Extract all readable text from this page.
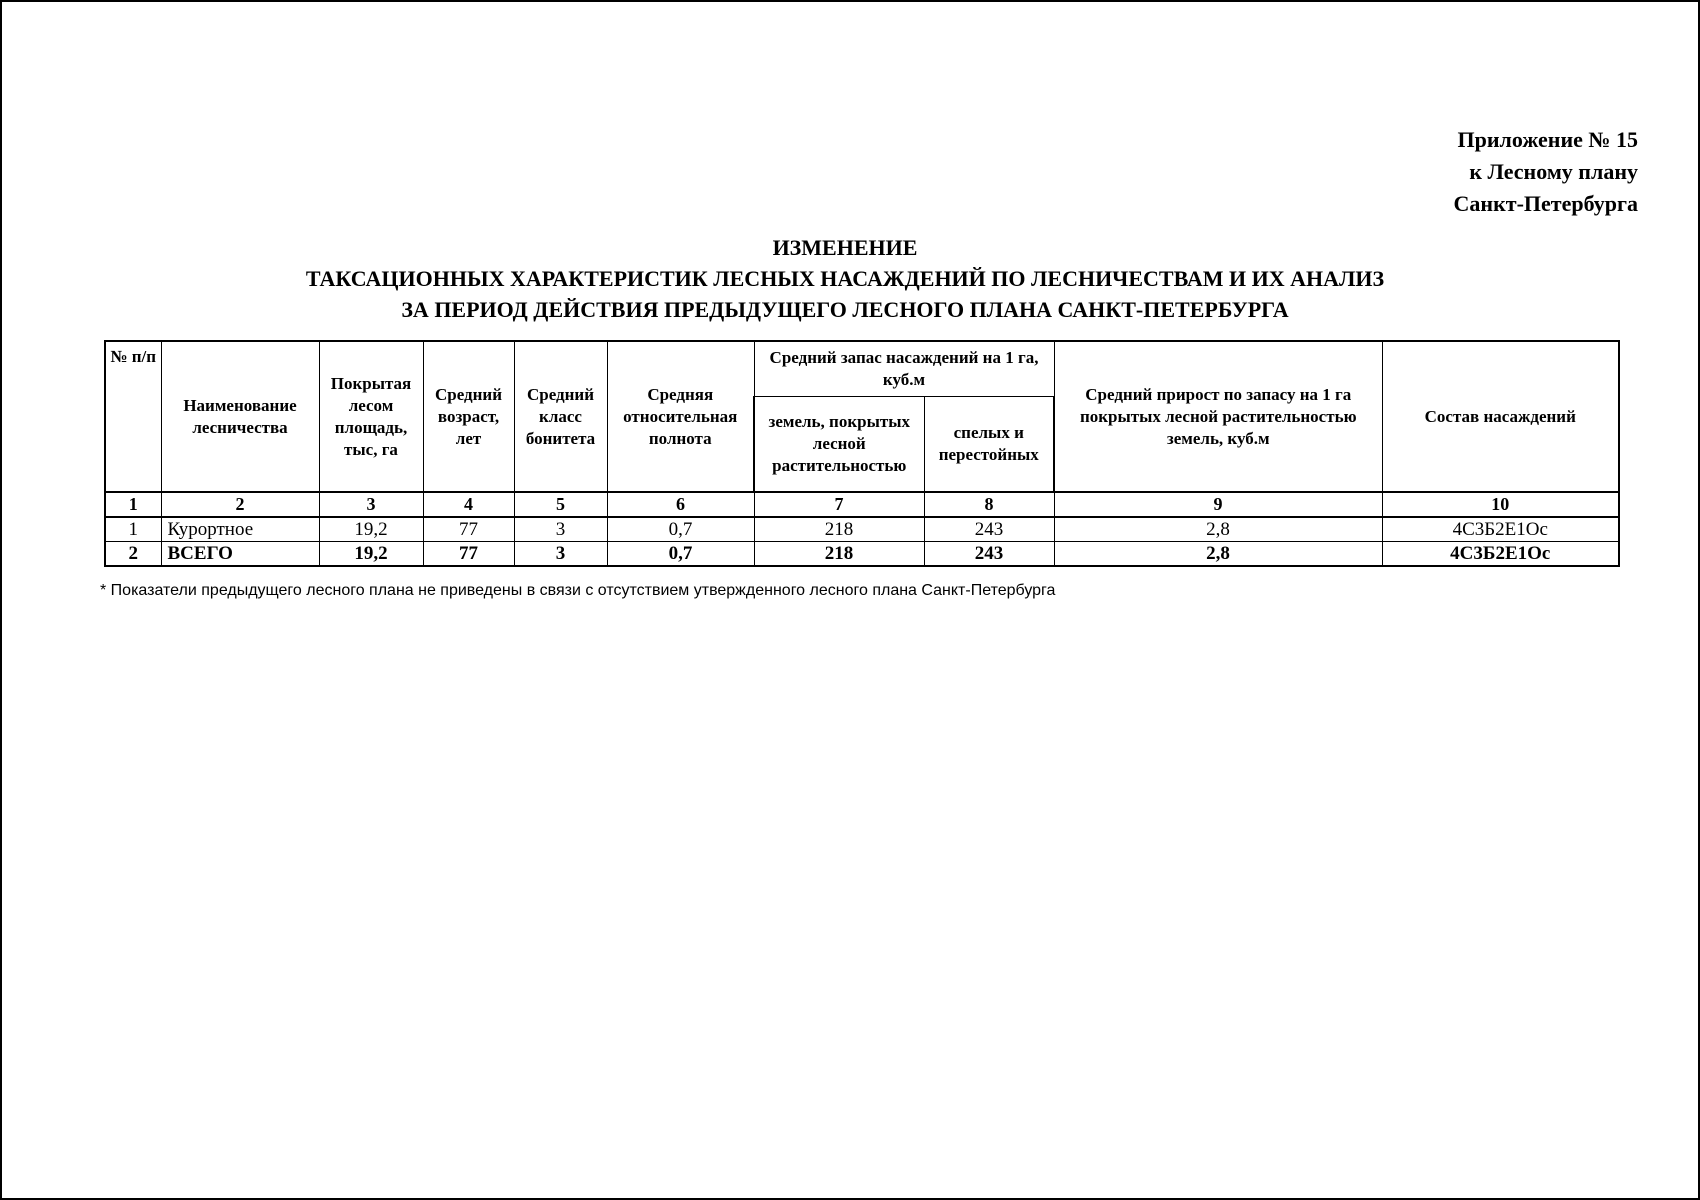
Приложение № 15
к Лесному плану
Санкт-Петербурга
ИЗМЕНЕНИЕ
ТАКСАЦИОННЫХ ХАРАКТЕРИСТИК ЛЕСНЫХ НАСАЖДЕНИЙ ПО ЛЕСНИЧЕСТВАМ И ИХ АНАЛИЗ
ЗА ПЕРИОД ДЕЙСТВИЯ ПРЕДЫДУЩЕГО ЛЕСНОГО ПЛАНА САНКТ-ПЕТЕРБУРГА
№ п/п	Наименование лесничества	Покрытая лесом площадь, тыс, га	Средний возраст, лет	Средний класс бонитета	Средняя относительная полнота	Средний запас насаждений на 1 га, куб.м		Средний прирост по запасу на 1 га покрытых лесной растительностью земель, куб.м	Состав насаждений
						земель, покрытых лесной растительностью	спелых и перестойных		
1	2	3	4	5	6	7	8	9	10
1	Курортное	19,2	77	3	0,7	218	243	2,8	4С3Б2Е1Ос
2	ВСЕГО	19,2	77	3	0,7	218	243	2,8	4С3Б2Е1Ос
* Показатели предыдущего лесного плана не приведены в связи с отсутствием утвержденного лесного плана Санкт-Петербурга
